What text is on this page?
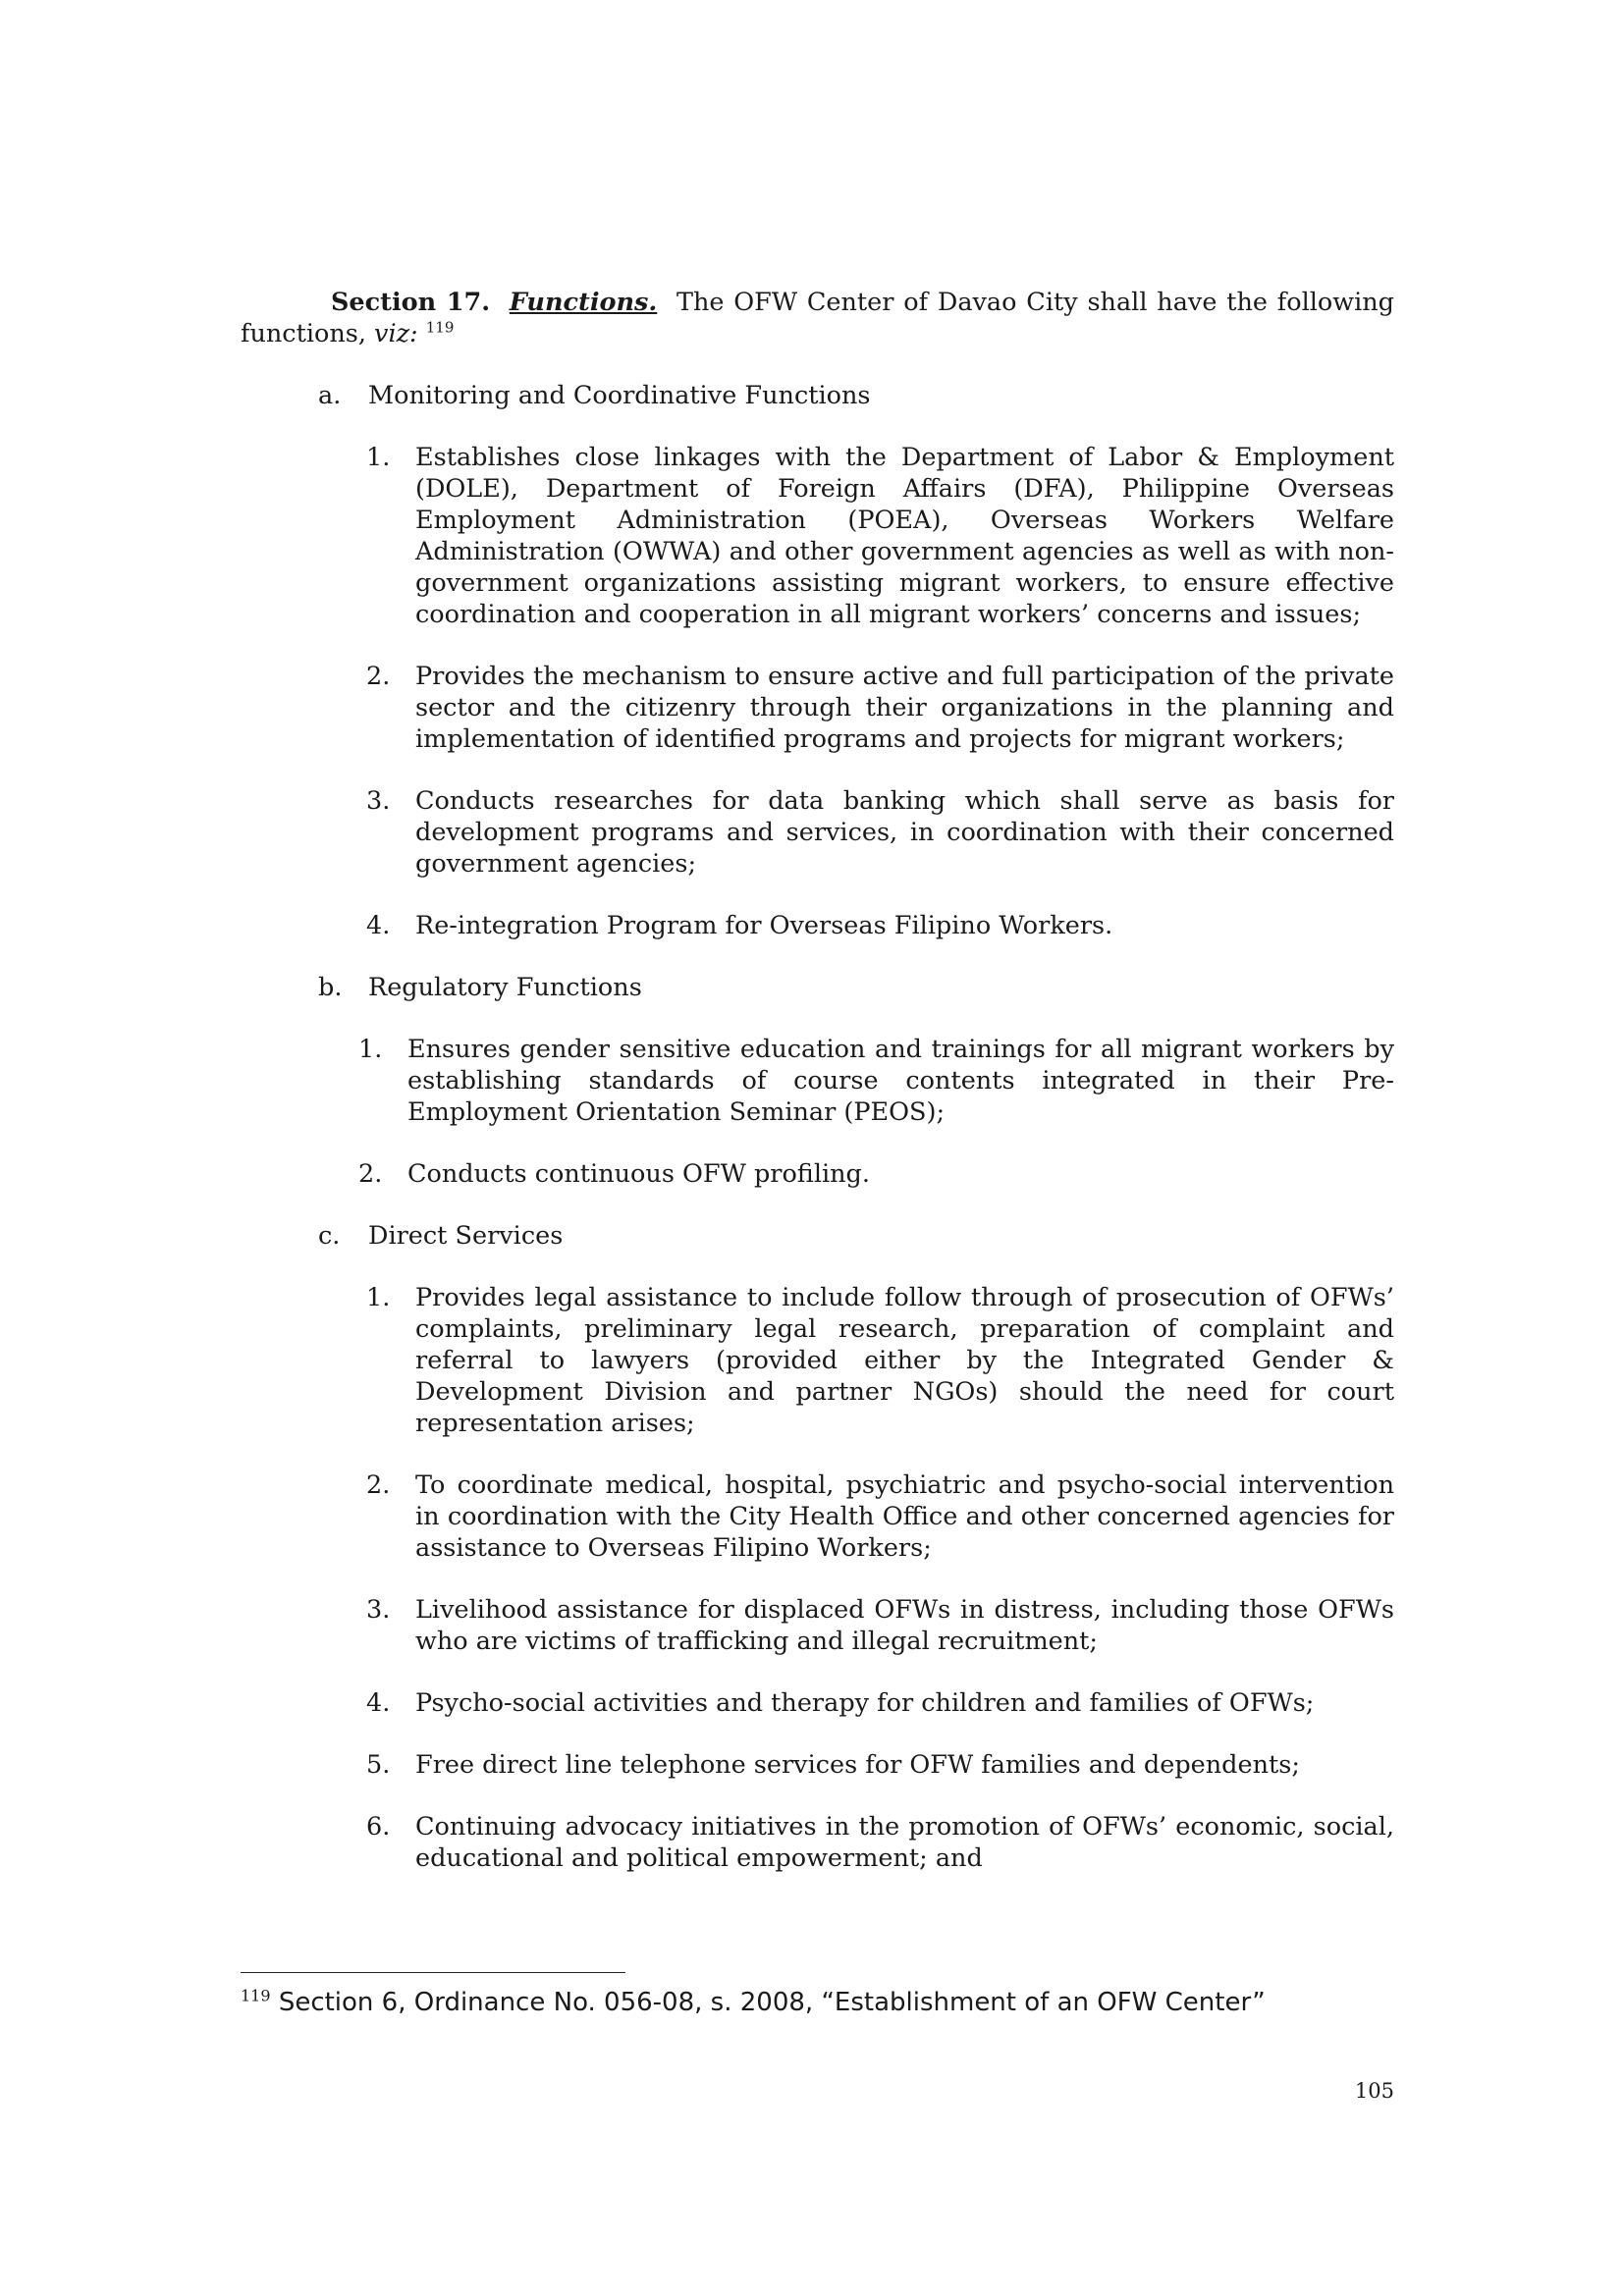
Section 17. Functions. The OFW Center of Davao City shall have the following functions, viz: $^{119}$

a. Monitoring and Coordinative Functions
1. Establishes close linkages with the Department of Labor & Employment (DOLE), Department of Foreign Affairs (DFA), Philippine Overseas Employment Administration (POEA), Overseas Workers Welfare Administration (OWWA) and other government agencies as well as with non-government organizations assisting migrant workers, to ensure effective coordination and cooperation in all migrant workers’ concerns and issues;
2. Provides the mechanism to ensure active and full participation of the private sector and the citizenry through their organizations in the planning and implementation of identified programs and projects for migrant workers;
3. Conducts researches for data banking which shall serve as basis for development programs and services, in coordination with their concerned government agencies;
4. Re-integration Program for Overseas Filipino Workers.
b. Regulatory Functions
1. Ensures gender sensitive education and trainings for all migrant workers by establishing standards of course contents integrated in their Pre-Employment Orientation Seminar (PEOS);
2. Conducts continuous OFW profiling.
c. Direct Services
1. Provides legal assistance to include follow through of prosecution of OFWs’ complaints, preliminary legal research, preparation of complaint and referral to lawyers (provided either by the Integrated Gender & Development Division and partner NGOs) should the need for court representation arises;
2. To coordinate medical, hospital, psychiatric and psycho-social intervention in coordination with the City Health Office and other concerned agencies for assistance to Overseas Filipino Workers;
3. Livelihood assistance for displaced OFWs in distress, including those OFWs who are victims of trafficking and illegal recruitment;
4. Psycho-social activities and therapy for children and families of OFWs;
5. Free direct line telephone services for OFW families and dependents;
6. Continuing advocacy initiatives in the promotion of OFWs’ economic, social, educational and political empowerment; and
$^{119}$ Section 6, Ordinance No. 056-08, s. 2008, “Establishment of an OFW Center”
105
